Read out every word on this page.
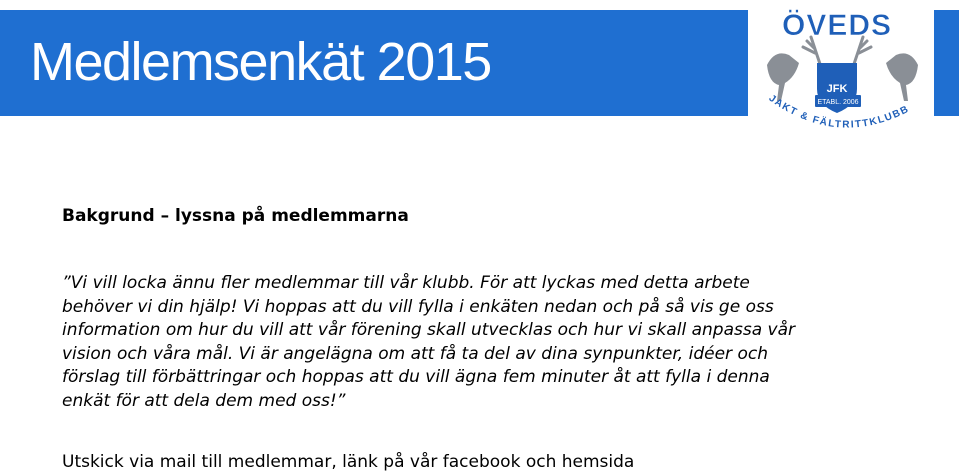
Medlemsenkät 2015
ÖVEDS
JFK
ETABL. 2006
JAKT & FÄLTRITTKLUBB
Bakgrund – lyssna på medlemmarna
”Vi vill locka ännu fler medlemmar till vår klubb. För att lyckas med detta arbete
behöver vi din hjälp! Vi hoppas att du vill fylla i enkäten nedan och på så vis ge oss
information om hur du vill att vår förening skall utvecklas och hur vi skall anpassa vår
vision och våra mål. Vi är angelägna om att få ta del av dina synpunkter, idéer och
förslag till förbättringar och hoppas att du vill ägna fem minuter åt att fylla i denna
enkät för att dela dem med oss!”
Utskick via mail till medlemmar, länk på vår facebook och hemsida
